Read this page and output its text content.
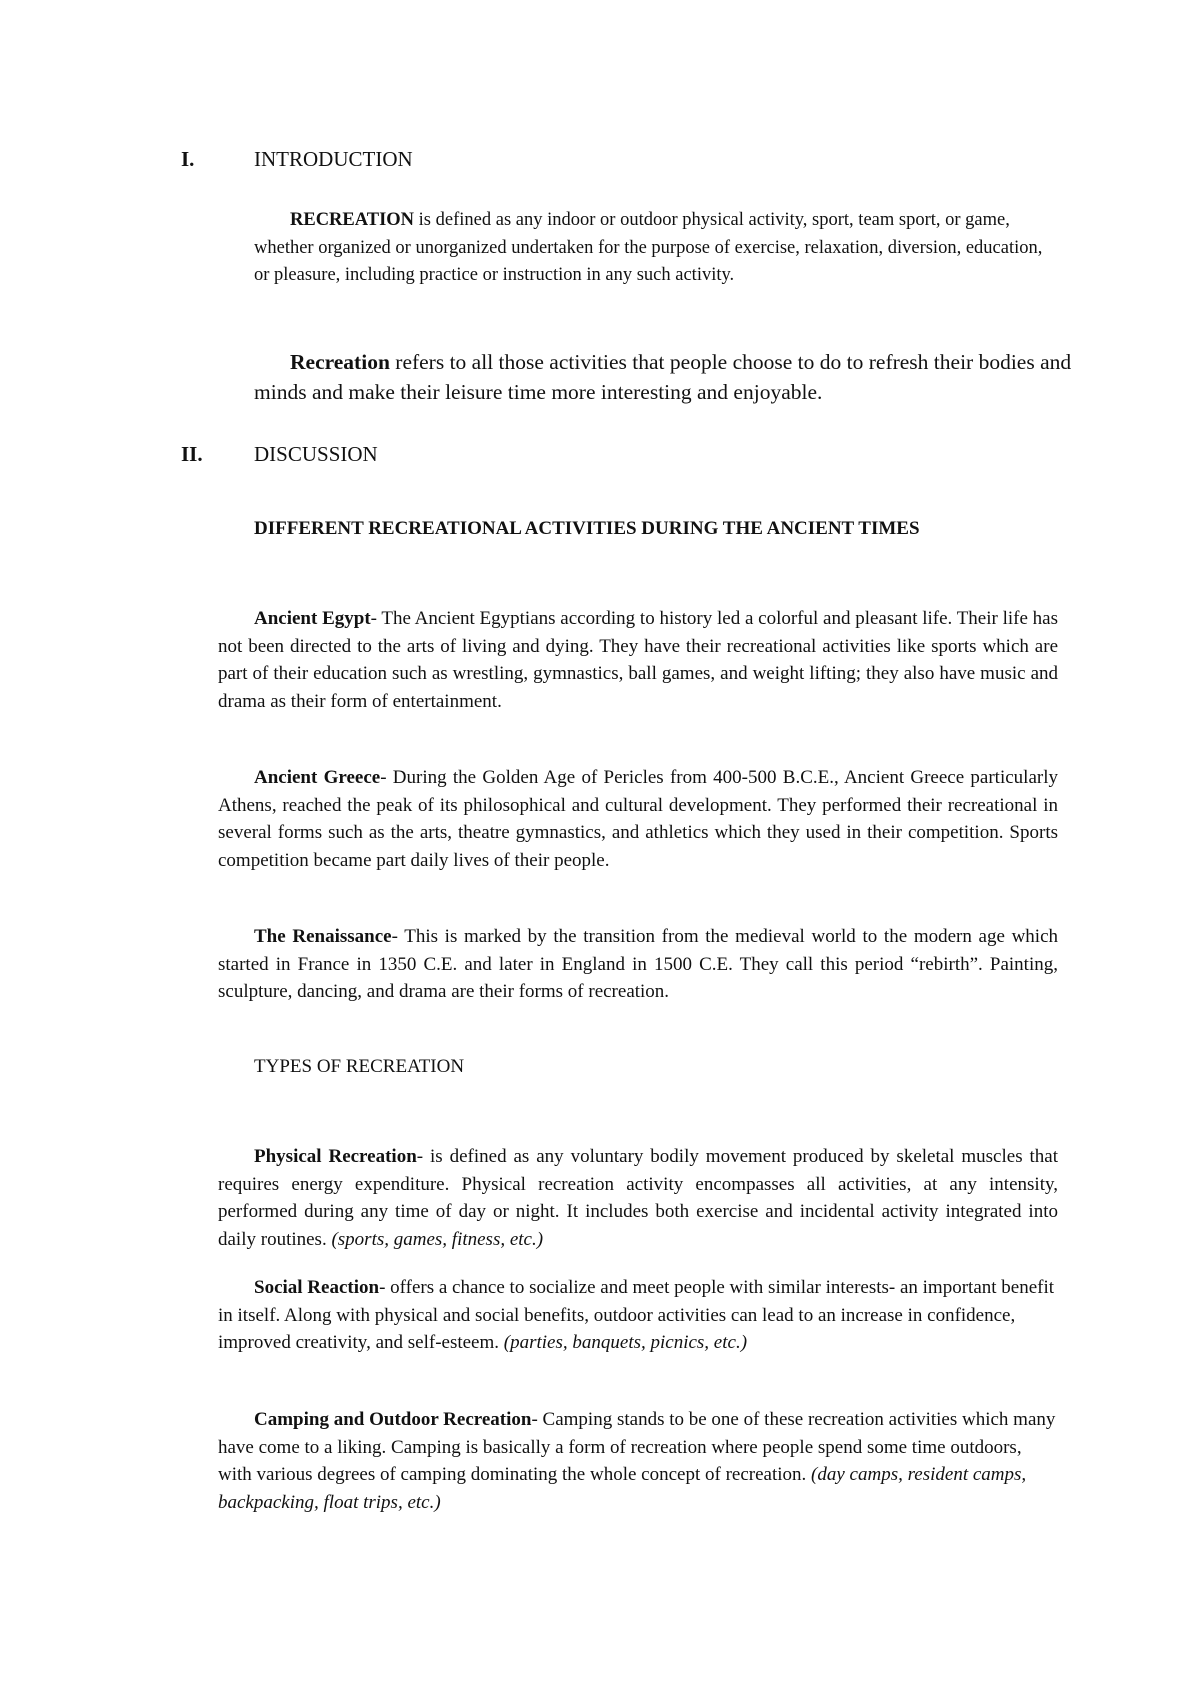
I.	INTRODUCTION

RECREATION is defined as any indoor or outdoor physical activity, sport, team sport, or game, whether organized or unorganized undertaken for the purpose of exercise, relaxation, diversion, education, or pleasure, including practice or instruction in any such activity.

Recreation refers to all those activities that people choose to do to refresh their bodies and minds and make their leisure time more interesting and enjoyable.

II. DISCUSSION
DIFFERENT RECREATIONAL ACTIVITIES DURING THE ANCIENT TIMES

Ancient Egypt- The Ancient Egyptians according to history led a colorful and pleasant life. Their life has not been directed to the arts of living and dying. They have their recreational activities like sports which are part of their education such as wrestling, gymnastics, ball games, and weight lifting; they also have music and drama as their form of entertainment.

Ancient Greece- During the Golden Age of Pericles from 400-500 B.C.E., Ancient Greece particularly Athens, reached the peak of its philosophical and cultural development. They performed their recreational in several forms such as the arts, theatre gymnastics, and athletics which they used in their competition. Sports competition became part daily lives of their people.

The Renaissance- This is marked by the transition from the medieval world to the modern age which started in France in 1350 C.E. and later in England in 1500 C.E. They call this period “rebirth”. Painting, sculpture, dancing, and drama are their forms of recreation.

TYPES OF RECREATION

Physical Recreation- is defined as any voluntary bodily movement produced by skeletal muscles that requires energy expenditure. Physical recreation activity encompasses all activities, at any intensity, performed during any time of day or night. It includes both exercise and incidental activity integrated into daily routines. (sports, games, fitness, etc.)

Social Reaction- offers a chance to socialize and meet people with similar interests- an important benefit in itself. Along with physical and social benefits, outdoor activities can lead to an increase in confidence, improved creativity, and self-esteem. (parties, banquets, picnics, etc.)

Camping and Outdoor Recreation- Camping stands to be one of these recreation activities which many have come to a liking. Camping is basically a form of recreation where people spend some time outdoors, with various degrees of camping dominating the whole concept of recreation. (day camps, resident camps, backpacking, float trips, etc.)
